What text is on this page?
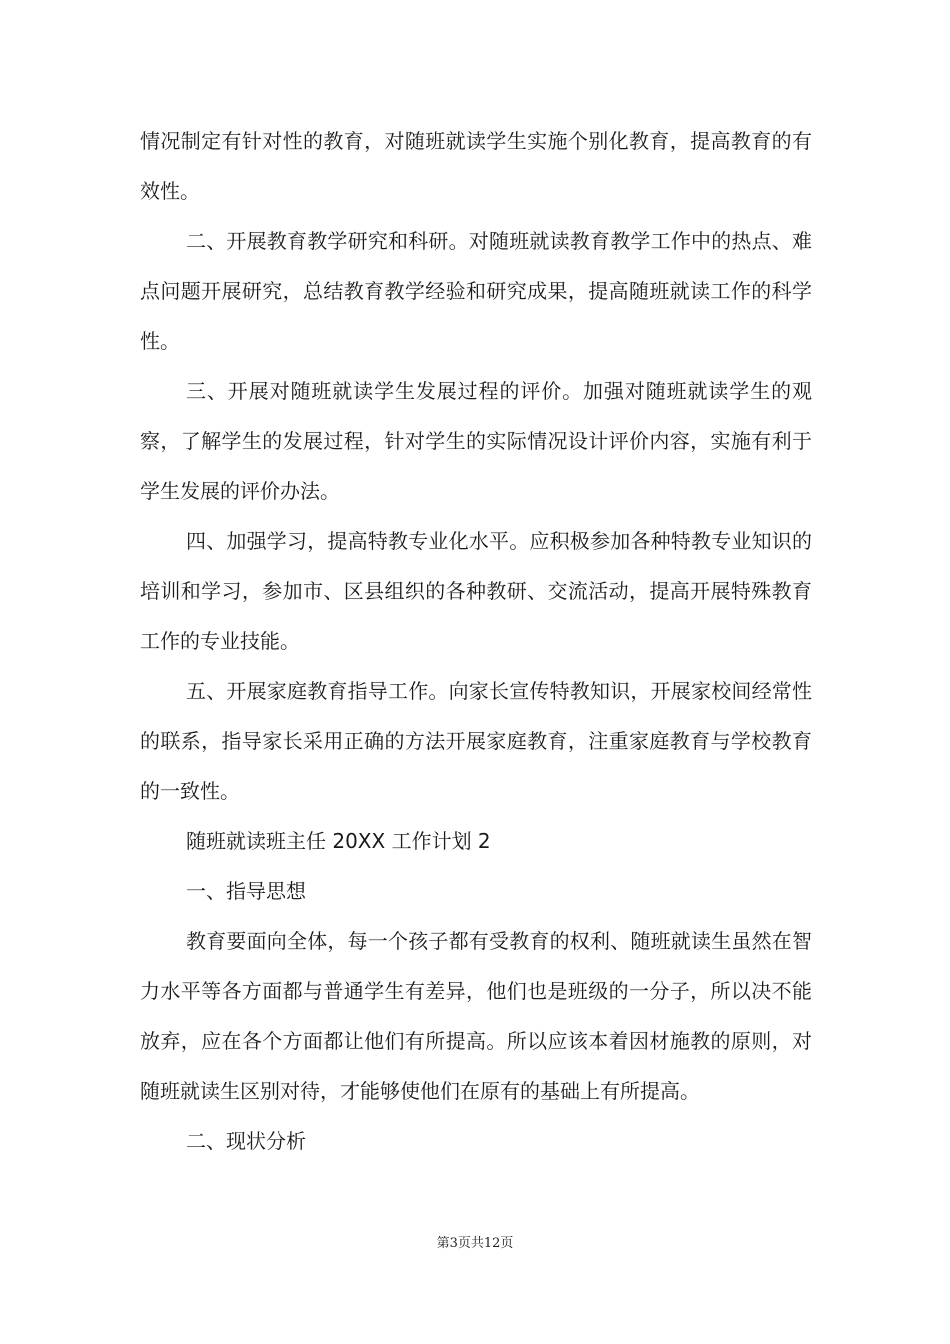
情况制定有针对性的教育，对随班就读学生实施个别化教育，提高教育的有效性。

二、开展教育教学研究和科研。对随班就读教育教学工作中的热点、难点问题开展研究，总结教育教学经验和研究成果，提高随班就读工作的科学性。

三、开展对随班就读学生发展过程的评价。加强对随班就读学生的观察，了解学生的发展过程，针对学生的实际情况设计评价内容，实施有利于学生发展的评价办法。

四、加强学习，提高特教专业化水平。应积极参加各种特教专业知识的培训和学习，参加市、区县组织的各种教研、交流活动，提高开展特殊教育工作的专业技能。

五、开展家庭教育指导工作。向家长宣传特教知识，开展家校间经常性的联系，指导家长采用正确的方法开展家庭教育，注重家庭教育与学校教育的一致性。

随班就读班主任 20XX 工作计划 2

一、指导思想

教育要面向全体，每一个孩子都有受教育的权利、随班就读生虽然在智力水平等各方面都与普通学生有差异，他们也是班级的一分子，所以决不能放弃，应在各个方面都让他们有所提高。所以应该本着因材施教的原则，对随班就读生区别对待，才能够使他们在原有的基础上有所提高。

二、现状分析

第3页共12页
